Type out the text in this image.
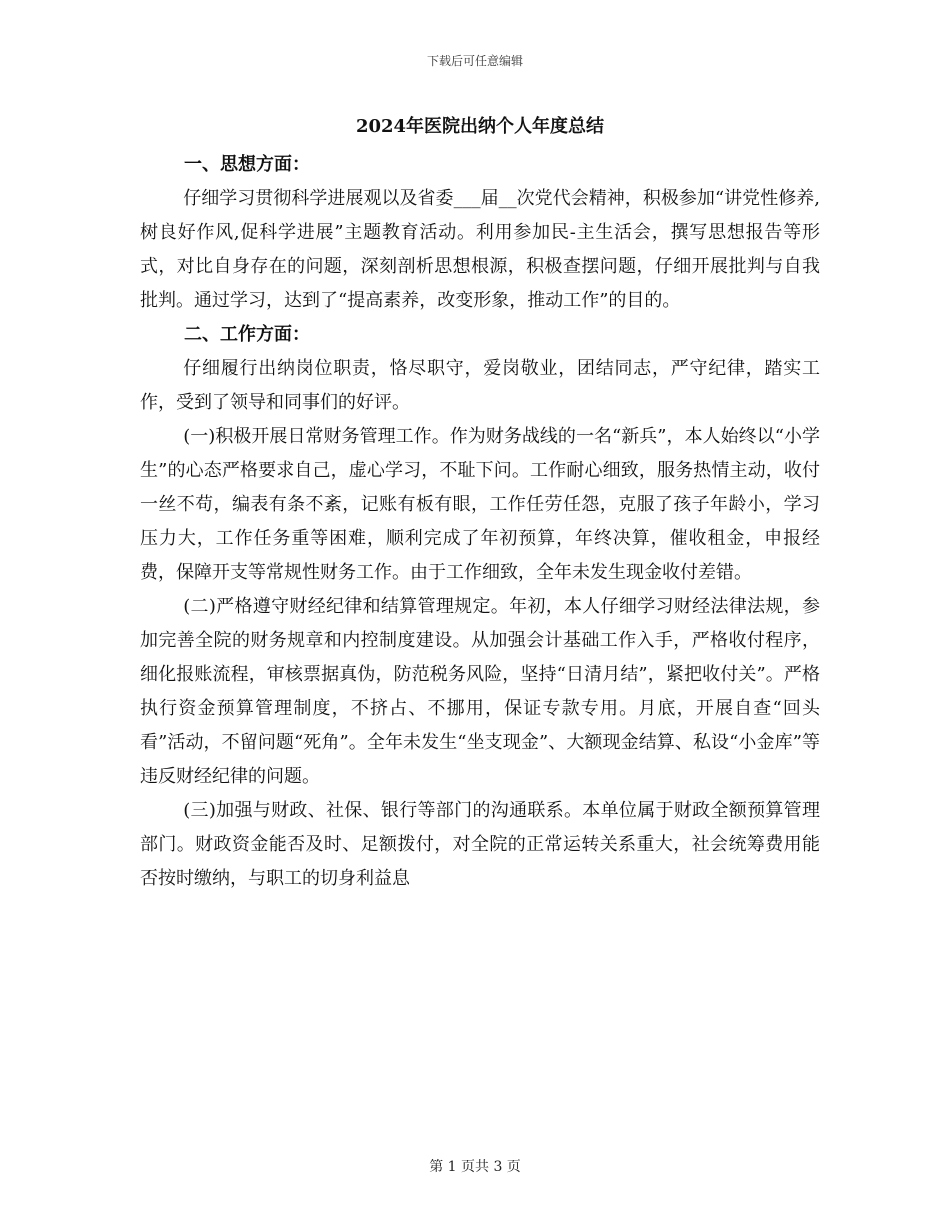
下载后可任意编辑
2024年医院出纳个人年度总结
一、思想方面：

仔细学习贯彻科学进展观以及省委___届__次党代会精神，积极参加“讲党性修养,树良好作风,促科学进展”主题教育活动。利用参加民-主生活会，撰写思想报告等形式，对比自身存在的问题，深刻剖析思想根源，积极查摆问题，仔细开展批判与自我批判。通过学习，达到了“提高素养，改变形象，推动工作”的目的。

二、工作方面：

仔细履行出纳岗位职责，恪尽职守，爱岗敬业，团结同志，严守纪律，踏实工作，受到了领导和同事们的好评。

(一)积极开展日常财务管理工作。作为财务战线的一名“新兵”，本人始终以“小学生”的心态严格要求自己，虚心学习，不耻下问。工作耐心细致，服务热情主动，收付一丝不苟，编表有条不紊，记账有板有眼，工作任劳任怨，克服了孩子年龄小，学习压力大，工作任务重等困难，顺利完成了年初预算，年终决算，催收租金，申报经费，保障开支等常规性财务工作。由于工作细致，全年未发生现金收付差错。

(二)严格遵守财经纪律和结算管理规定。年初，本人仔细学习财经法律法规，参加完善全院的财务规章和内控制度建设。从加强会计基础工作入手，严格收付程序，细化报账流程，审核票据真伪，防范税务风险，坚持“日清月结”，紧把收付关”。严格执行资金预算管理制度，不挤占、不挪用，保证专款专用。月底，开展自查“回头看”活动，不留问题“死角”。全年未发生“坐支现金”、大额现金结算、私设“小金库”等违反财经纪律的问题。

(三)加强与财政、社保、银行等部门的沟通联系。本单位属于财政全额预算管理部门。财政资金能否及时、足额拨付，对全院的正常运转关系重大，社会统筹费用能否按时缴纳，与职工的切身利益息

第 1 页共 3 页
